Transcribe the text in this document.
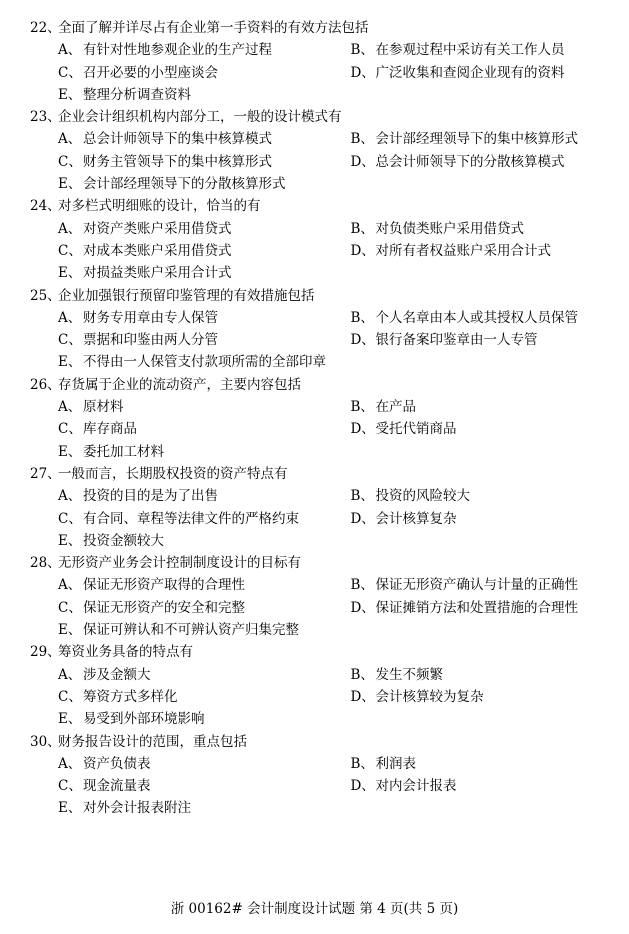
22、
全面了解并详尽占有企业第一手资料的有效方法包括
A、 有针对性地参观企业的生产过程	B、 在参观过程中采访有关工作人员
C、 召开必要的小型座谈会	D、 广泛收集和查阅企业现有的资料
E、 整理分析调查资料
23、
企业会计组织机构内部分工，一般的设计模式有
A、 总会计师领导下的集中核算模式	B、 会计部经理领导下的集中核算形式
C、 财务主管领导下的集中核算形式	D、 总会计师领导下的分散核算模式
E、 会计部经理领导下的分散核算形式
24、
对多栏式明细账的设计，恰当的有
A、 对资产类账户采用借贷式	B、 对负债类账户采用借贷式
C、 对成本类账户采用借贷式	D、 对所有者权益账户采用合计式
E、 对损益类账户采用合计式
25、
企业加强银行预留印鉴管理的有效措施包括
A、 财务专用章由专人保管	B、 个人名章由本人或其授权人员保管
C、 票据和印鉴由两人分管	D、 银行备案印鉴章由一人专管
E、 不得由一人保管支付款项所需的全部印章
26、
存货属于企业的流动资产，主要内容包括
A、 原材料	B、 在产品
C、 库存商品	D、 受托代销商品
E、 委托加工材料
27、
一般而言，长期股权投资的资产特点有
A、 投资的目的是为了出售	B、 投资的风险较大
C、 有合同、章程等法律文件的严格约束	D、 会计核算复杂
E、 投资金额较大
28、
无形资产业务会计控制制度设计的目标有
A、 保证无形资产取得的合理性	B、 保证无形资产确认与计量的正确性
C、 保证无形资产的安全和完整	D、 保证摊销方法和处置措施的合理性
E、 保证可辨认和不可辨认资产归集完整
29、
筹资业务具备的特点有
A、 涉及金额大	B、 发生不频繁
C、 筹资方式多样化	D、 会计核算较为复杂
E、 易受到外部环境影响
30、
财务报告设计的范围，重点包括
A、 资产负债表	B、 利润表
C、 现金流量表	D、 对内会计报表
E、 对外会计报表附注
浙 00162# 会计制度设计试题 第 4 页(共 5 页)
